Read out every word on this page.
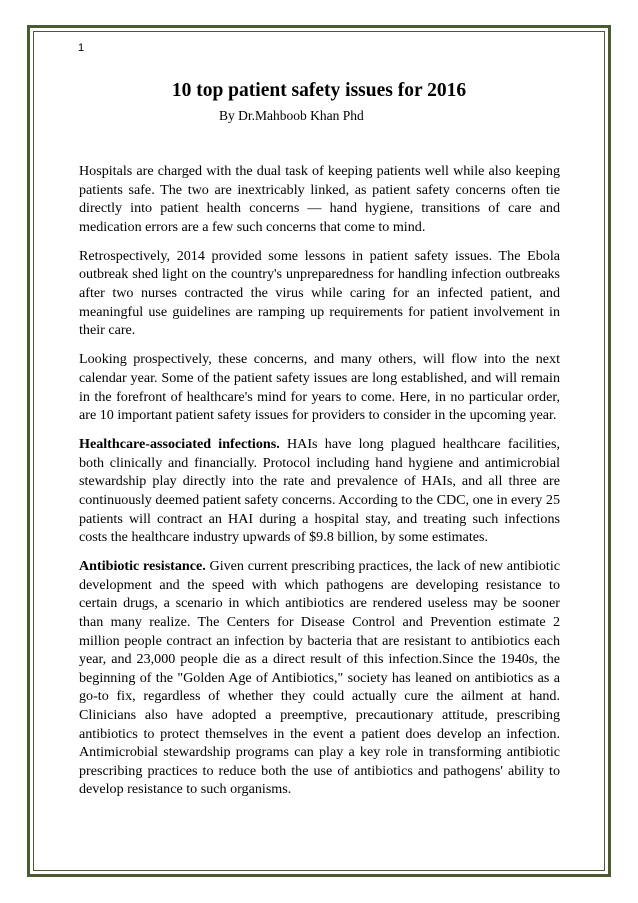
1
10 top patient safety issues for 2016
By Dr.Mahboob Khan Phd

Hospitals are charged with the dual task of keeping patients well while also keeping patients safe. The two are inextricably linked, as patient safety concerns often tie directly into patient health concerns — hand hygiene, transitions of care and medication errors are a few such concerns that come to mind.

Retrospectively, 2014 provided some lessons in patient safety issues. The Ebola outbreak shed light on the country's unpreparedness for handling infection outbreaks after two nurses contracted the virus while caring for an infected patient, and meaningful use guidelines are ramping up requirements for patient involvement in their care.

Looking prospectively, these concerns, and many others, will flow into the next calendar year. Some of the patient safety issues are long established, and will remain in the forefront of healthcare's mind for years to come. Here, in no particular order, are 10 important patient safety issues for providers to consider in the upcoming year.

Healthcare-associated infections. HAIs have long plagued healthcare facilities, both clinically and financially. Protocol including hand hygiene and antimicrobial stewardship play directly into the rate and prevalence of HAIs, and all three are continuously deemed patient safety concerns. According to the CDC, one in every 25 patients will contract an HAI during a hospital stay, and treating such infections costs the healthcare industry upwards of $9.8 billion, by some estimates.

Antibiotic resistance. Given current prescribing practices, the lack of new antibiotic development and the speed with which pathogens are developing resistance to certain drugs, a scenario in which antibiotics are rendered useless may be sooner than many realize. The Centers for Disease Control and Prevention estimate 2 million people contract an infection by bacteria that are resistant to antibiotics each year, and 23,000 people die as a direct result of this infection.Since the 1940s, the beginning of the "Golden Age of Antibiotics," society has leaned on antibiotics as a go-to fix, regardless of whether they could actually cure the ailment at hand. Clinicians also have adopted a preemptive, precautionary attitude, prescribing antibiotics to protect themselves in the event a patient does develop an infection. Antimicrobial stewardship programs can play a key role in transforming antibiotic prescribing practices to reduce both the use of antibiotics and pathogens' ability to develop resistance to such organisms.
